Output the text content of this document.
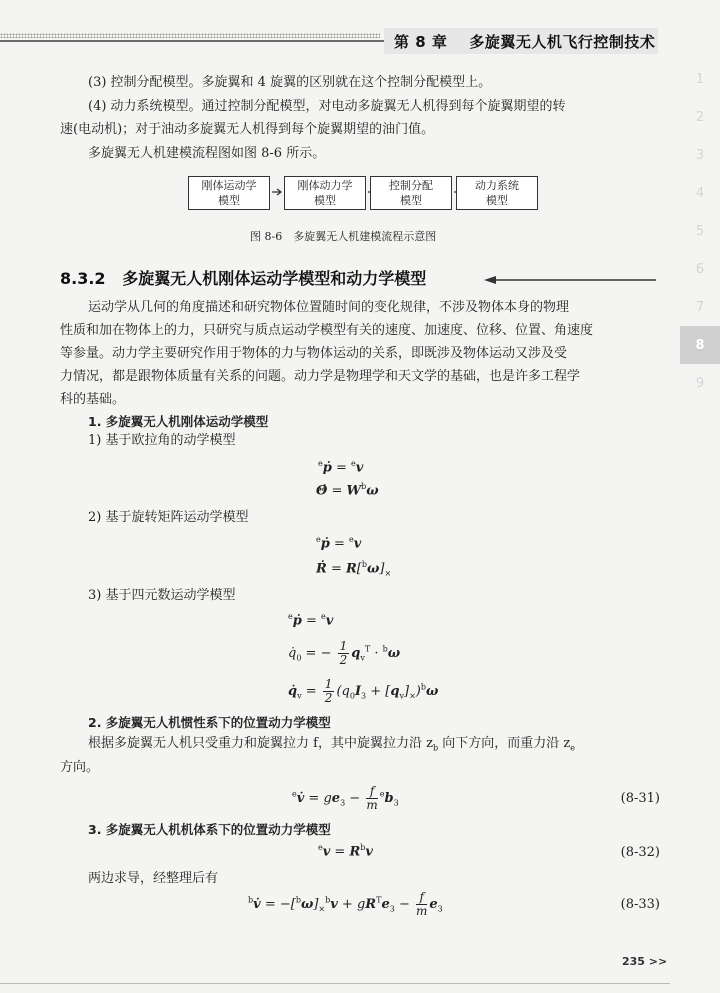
第 8 章 多旋翼无人机飞行控制技术
1
2
3
4
5
6
7
8
9
(3) 控制分配模型。多旋翼和 4 旋翼的区别就在这个控制分配模型上。
(4) 动力系统模型。通过控制分配模型，对电动多旋翼无人机得到每个旋翼期望的转
速(电动机)；对于油动多旋翼无人机得到每个旋翼期望的油门值。
多旋翼无人机建模流程图如图 8-6 所示。
刚体运动学
模型
刚体动力学
模型
控制分配
模型
动力系统
模型
图 8-6　多旋翼无人机建模流程示意图
8.3.2 多旋翼无人机刚体运动学模型和动力学模型
运动学从几何的角度描述和研究物体位置随时间的变化规律，不涉及物体本身的物理
性质和加在物体上的力，只研究与质点运动学模型有关的速度、加速度、位移、位置、角速度
等参量。动力学主要研究作用于物体的力与物体运动的关系，即既涉及物体运动又涉及受
力情况，都是跟物体质量有关系的问题。动力学是物理学和天文学的基础，也是许多工程学
科的基础。
1. 多旋翼无人机刚体运动学模型
1) 基于欧拉角的动学模型
$^e$ṗ = $^e$v
Θ̇ = $W^b\omega$
2) 基于旋转矩阵运动学模型
$^e$ṗ = $^e$v
Ṙ = $R[^b\omega]_\times$
3) 基于四元数运动学模型
$^e$ṗ = $^e$v
$q̇_0$ = − $\frac{1}{2} q_v^T \cdot ^b\omega$
$q̇_v = \frac{1}{2} (q_0I_3 + [q_v]_\times)^b\omega$
2. 多旋翼无人机惯性系下的位置动力学模型
根据多旋翼无人机只受重力和旋翼拉力 f，其中旋翼拉力沿 $z_b$ 向下方向，而重力沿 $z_e$
方向。
$^e$v̇ = $ge_3 - \frac{f}{m} ^eb_3$	(8-31)
3. 多旋翼无人机机体系下的位置动力学模型
$^ev = R^bv$	(8-32)
两边求导，经整理后有
$^b$v̇ = $-[^b\omega]_\times^bv + gR^Te_3 - \frac{f}{m} e_3$	(8-33)
235 >>
